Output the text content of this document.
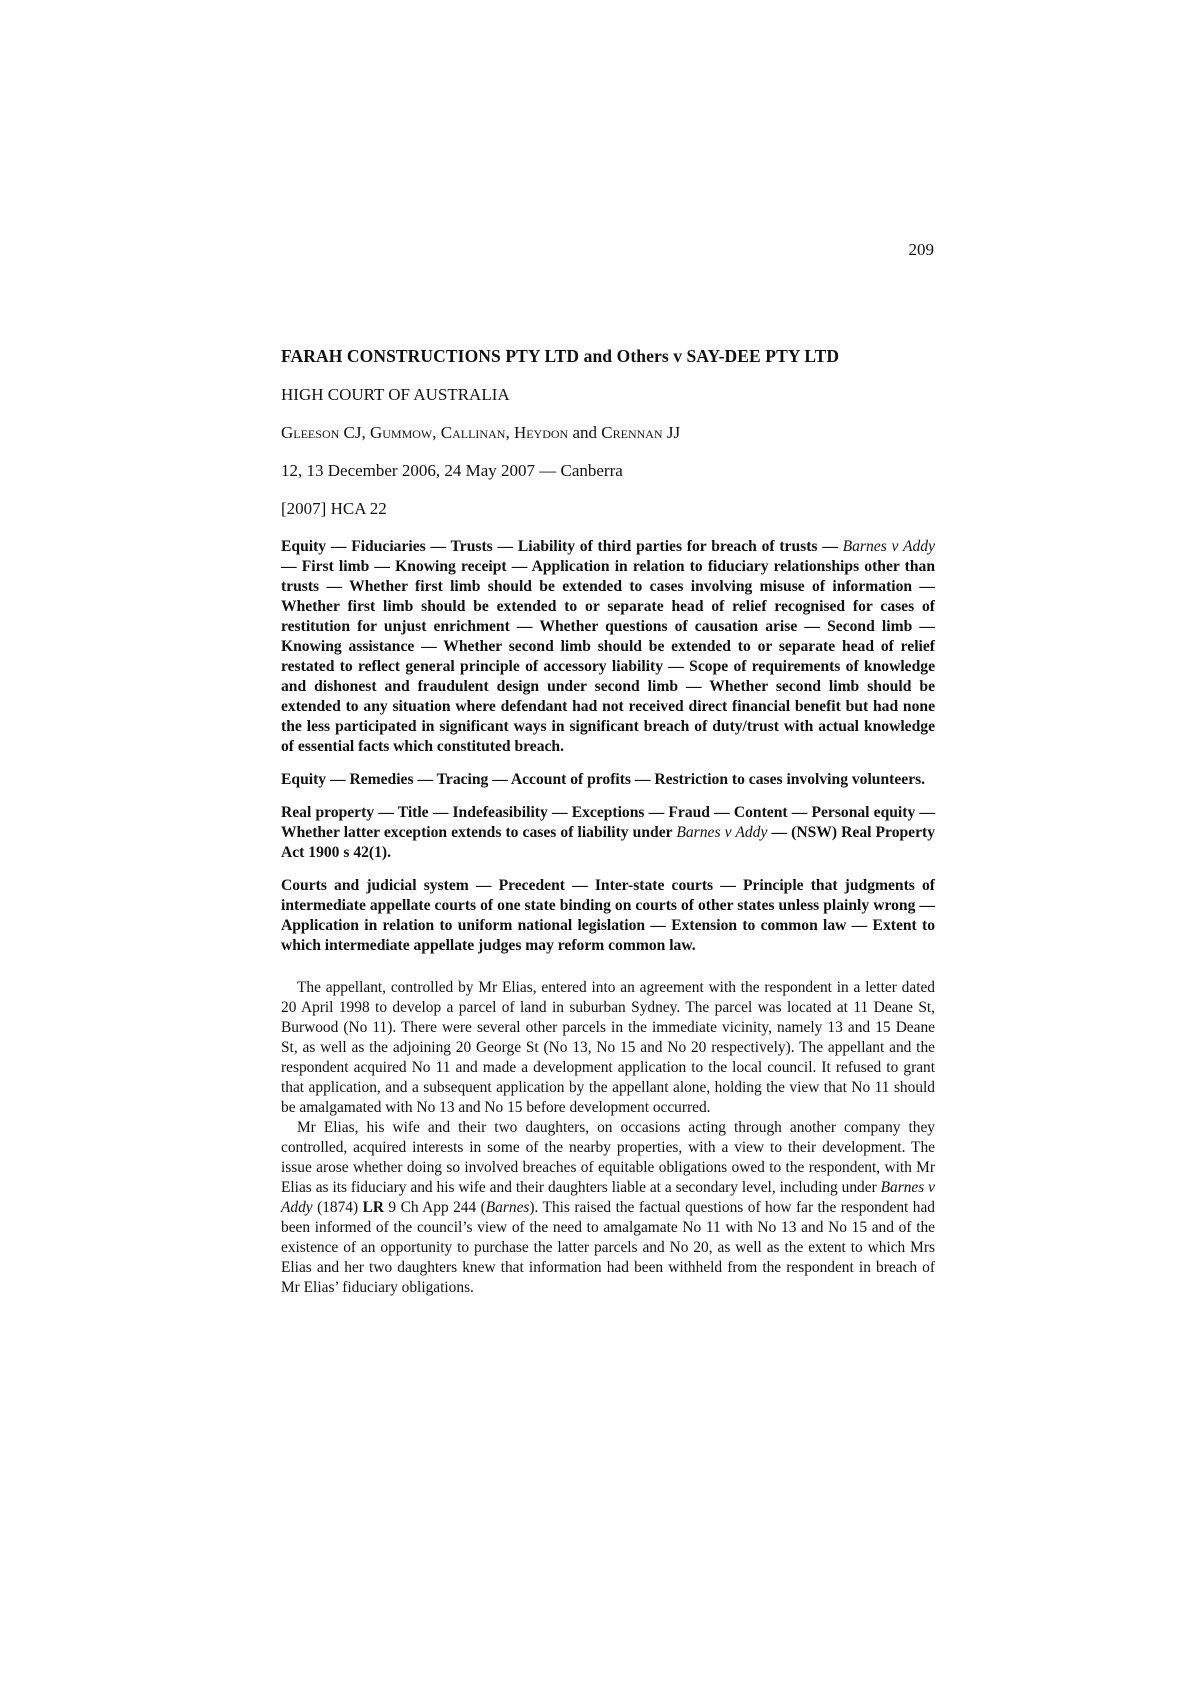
209
FARAH CONSTRUCTIONS PTY LTD and Others v SAY-DEE PTY LTD
HIGH COURT OF AUSTRALIA
Gleeson CJ, Gummow, Callinan, Heydon and Crennan JJ
12, 13 December 2006, 24 May 2007 — Canberra
[2007] HCA 22

Equity — Fiduciaries — Trusts — Liability of third parties for breach of trusts — Barnes v Addy — First limb — Knowing receipt — Application in relation to fiduciary relationships other than trusts — Whether first limb should be extended to cases involving misuse of information — Whether first limb should be extended to or separate head of relief recognised for cases of restitution for unjust enrichment — Whether questions of causation arise — Second limb — Knowing assistance — Whether second limb should be extended to or separate head of relief restated to reflect general principle of accessory liability — Scope of requirements of knowledge and dishonest and fraudulent design under second limb — Whether second limb should be extended to any situation where defendant had not received direct financial benefit but had none the less participated in significant ways in significant breach of duty/trust with actual knowledge of essential facts which constituted breach.

Equity — Remedies — Tracing — Account of profits — Restriction to cases involving volunteers.

Real property — Title — Indefeasibility — Exceptions — Fraud — Content — Personal equity — Whether latter exception extends to cases of liability under Barnes v Addy — (NSW) Real Property Act 1900 s 42(1).

Courts and judicial system — Precedent — Inter-state courts — Principle that judgments of intermediate appellate courts of one state binding on courts of other states unless plainly wrong — Application in relation to uniform national legislation — Extension to common law — Extent to which intermediate appellate judges may reform common law.

The appellant, controlled by Mr Elias, entered into an agreement with the respondent in a letter dated 20 April 1998 to develop a parcel of land in suburban Sydney. The parcel was located at 11 Deane St, Burwood (No 11). There were several other parcels in the immediate vicinity, namely 13 and 15 Deane St, as well as the adjoining 20 George St (No 13, No 15 and No 20 respectively). The appellant and the respondent acquired No 11 and made a development application to the local council. It refused to grant that application, and a subsequent application by the appellant alone, holding the view that No 11 should be amalgamated with No 13 and No 15 before development occurred.

Mr Elias, his wife and their two daughters, on occasions acting through another company they controlled, acquired interests in some of the nearby properties, with a view to their development. The issue arose whether doing so involved breaches of equitable obligations owed to the respondent, with Mr Elias as its fiduciary and his wife and their daughters liable at a secondary level, including under Barnes v Addy (1874) LR 9 Ch App 244 (Barnes). This raised the factual questions of how far the respondent had been informed of the council’s view of the need to amalgamate No 11 with No 13 and No 15 and of the existence of an opportunity to purchase the latter parcels and No 20, as well as the extent to which Mrs Elias and her two daughters knew that information had been withheld from the respondent in breach of Mr Elias’ fiduciary obligations.
